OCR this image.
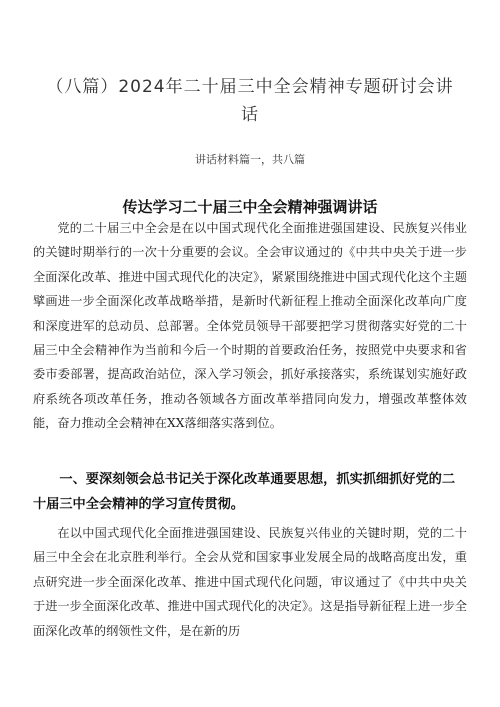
（八篇）2024年二十届三中全会精神专题研讨会讲话
讲话材料篇一，共八篇
传达学习二十届三中全会精神强调讲话

党的二十届三中全会是在以中国式现代化全面推进强国建设、民族复兴伟业的关键时期举行的一次十分重要的会议。全会审议通过的《中共中央关于进一步全面深化改革、推进中国式现代化的决定》，紧紧围绕推进中国式现代化这个主题擘画进一步全面深化改革战略举措，是新时代新征程上推动全面深化改革向广度和深度进军的总动员、总部署。全体党员领导干部要把学习贯彻落实好党的二十届三中全会精神作为当前和今后一个时期的首要政治任务，按照党中央要求和省委市委部署，提高政治站位，深入学习领会，抓好承接落实，系统谋划实施好政府系统各项改革任务，推动各领域各方面改革举措同向发力，增强改革整体效能，奋力推动全会精神在XX落细落实落到位。

一、要深刻领会总书记关于深化改革通要思想，抓实抓细抓好党的二十届三中全会精神的学习宣传贯彻。

在以中国式现代化全面推进强国建设、民族复兴伟业的关键时期，党的二十届三中全会在北京胜利举行。全会从党和国家事业发展全局的战略高度出发，重点研究进一步全面深化改革、推进中国式现代化问题，审议通过了《中共中央关于进一步全面深化改革、推进中国式现代化的决定》。这是指导新征程上进一步全面深化改革的纲领性文件，是在新的历
